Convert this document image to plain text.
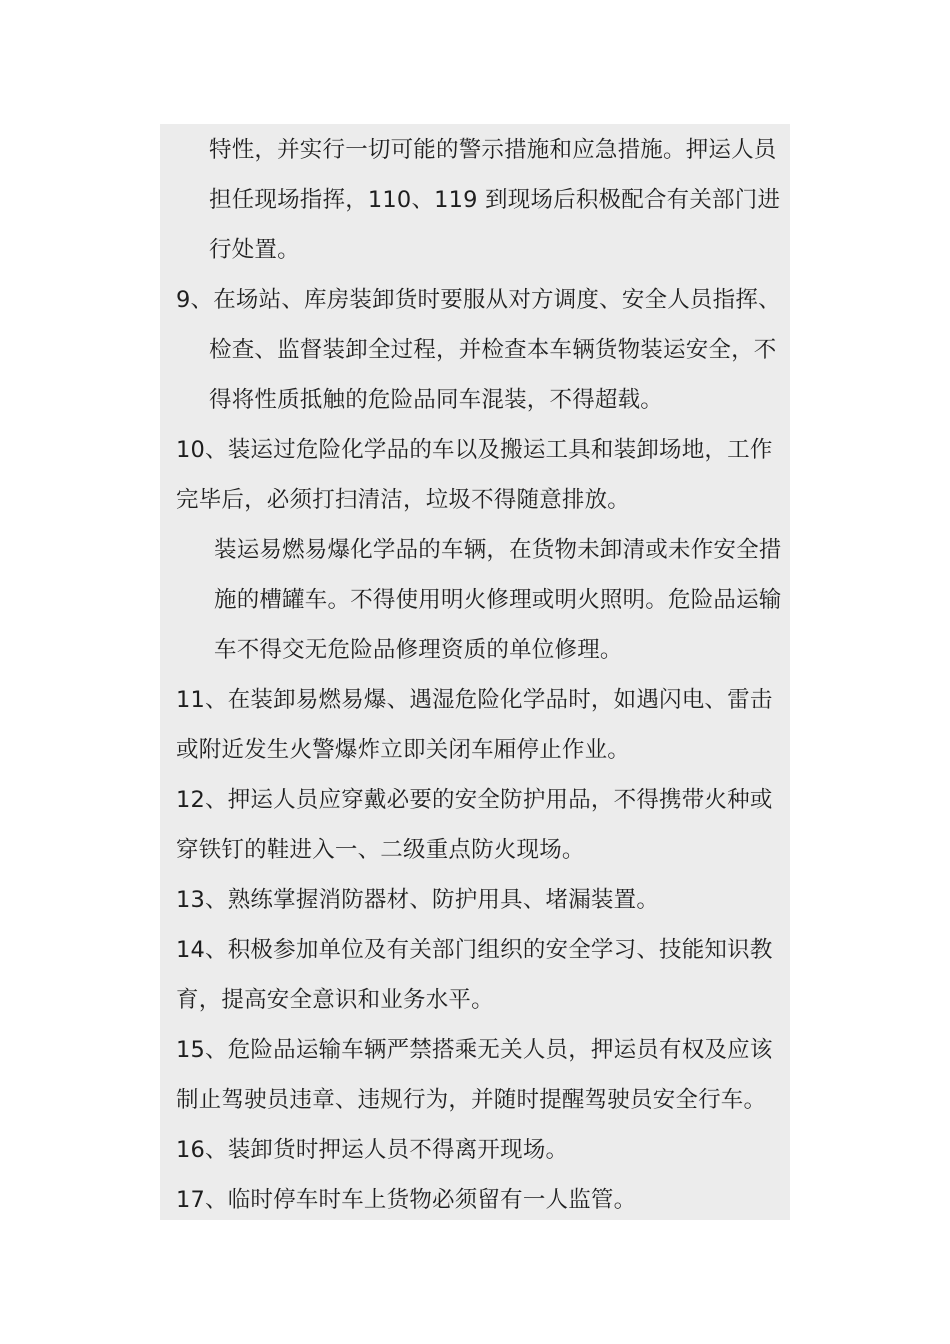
特性，并实行一切可能的警示措施和应急措施。押运人员
担任现场指挥，110、119 到现场后积极配合有关部门进
行处置。
9、在场站、库房装卸货时要服从对方调度、安全人员指挥、
检查、监督装卸全过程，并检查本车辆货物装运安全，不
得将性质抵触的危险品同车混装，不得超载。
10、装运过危险化学品的车以及搬运工具和装卸场地，工作
完毕后，必须打扫清洁，垃圾不得随意排放。
装运易燃易爆化学品的车辆，在货物未卸清或未作安全措
施的槽罐车。不得使用明火修理或明火照明。危险品运输
车不得交无危险品修理资质的单位修理。
11、在装卸易燃易爆、遇湿危险化学品时，如遇闪电、雷击
或附近发生火警爆炸立即关闭车厢停止作业。
12、押运人员应穿戴必要的安全防护用品，不得携带火种或
穿铁钉的鞋进入一、二级重点防火现场。
13、熟练掌握消防器材、防护用具、堵漏装置。
14、积极参加单位及有关部门组织的安全学习、技能知识教
育，提高安全意识和业务水平。
15、危险品运输车辆严禁搭乘无关人员，押运员有权及应该
制止驾驶员违章、违规行为，并随时提醒驾驶员安全行车。
16、装卸货时押运人员不得离开现场。
17、临时停车时车上货物必须留有一人监管。
